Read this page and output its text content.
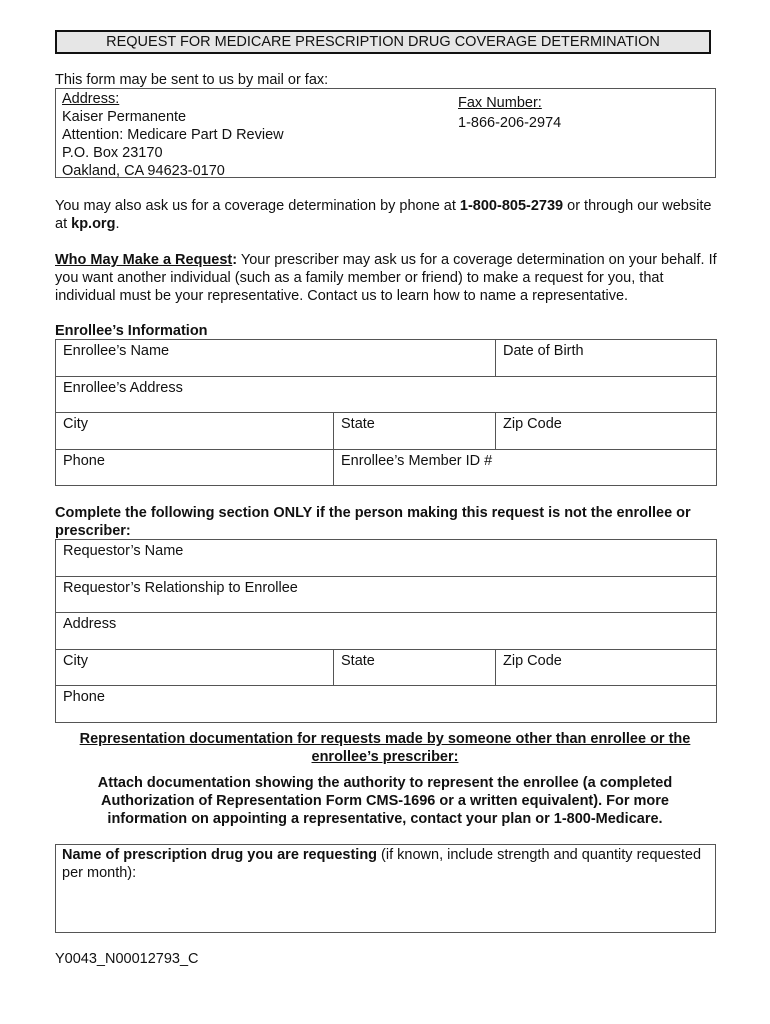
REQUEST FOR MEDICARE PRESCRIPTION DRUG COVERAGE DETERMINATION
This form may be sent to us by mail or fax:
Address:
Kaiser Permanente
Attention: Medicare Part D Review
P.O. Box 23170
Oakland, CA 94623-0170
Fax Number:
1-866-206-2974
You may also ask us for a coverage determination by phone at 1-800-805-2739 or through our website at kp.org.
Who May Make a Request: Your prescriber may ask us for a coverage determination on your behalf. If you want another individual (such as a family member or friend) to make a request for you, that individual must be your representative. Contact us to learn how to name a representative.
Enrollee’s Information
Enrollee’s Name		Date of Birth
Enrollee’s Address		
City	State	Zip Code
Phone	Enrollee’s Member ID #	
Complete the following section ONLY if the person making this request is not the enrollee or prescriber:
Requestor’s Name
Requestor’s Relationship to Enrollee
Address
City	State	Zip Code
Phone
Representation documentation for requests made by someone other than enrollee or the enrollee’s prescriber:
Attach documentation showing the authority to represent the enrollee (a completed Authorization of Representation Form CMS-1696 or a written equivalent). For more information on appointing a representative, contact your plan or 1-800-Medicare.
Name of prescription drug you are requesting (if known, include strength and quantity requested per month):
Y0043_N00012793_C
